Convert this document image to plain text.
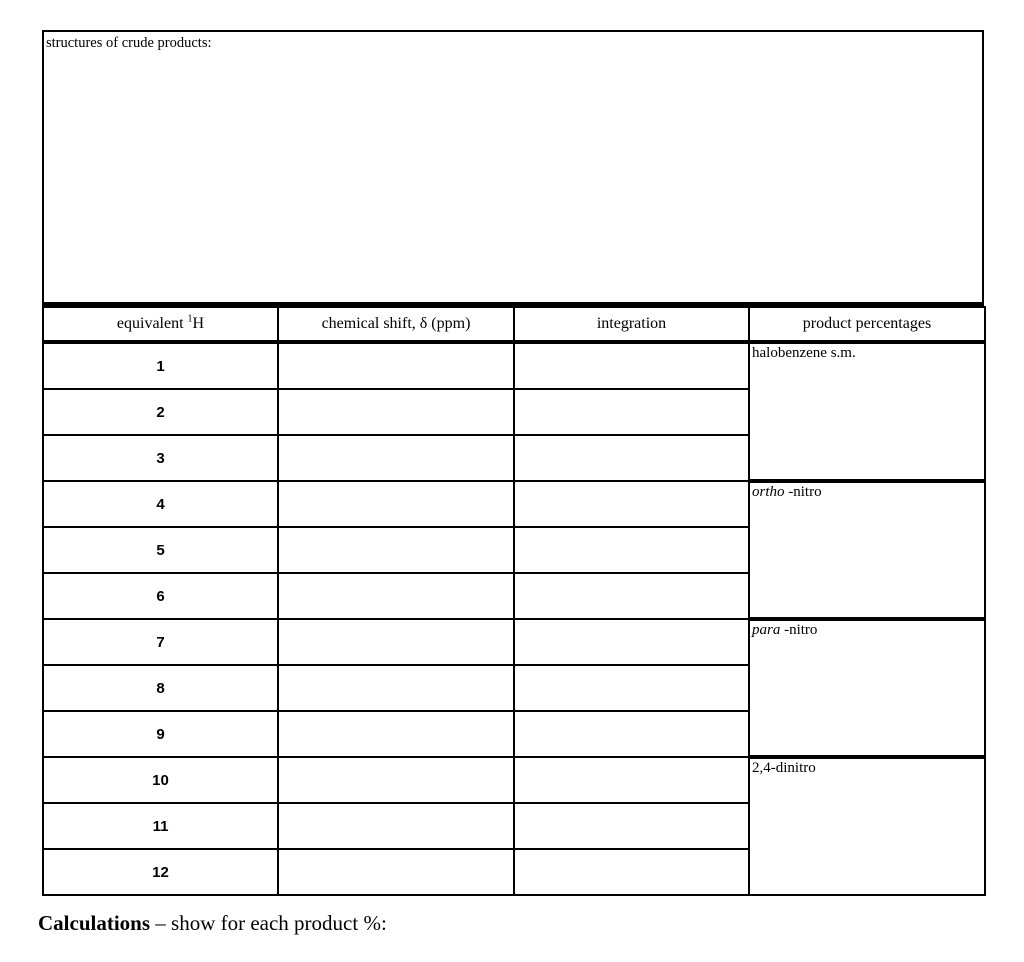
structures of crude products:
equivalent $^1$H	chemical shift, δ (ppm)	integration	product percentages
1			halobenzene s.m.
2			
3			
4			ortho -nitro
5			
6			
7			para -nitro
8			
9			
10			2,4-dinitro
11			
12			
Calculations – show for each product %:
